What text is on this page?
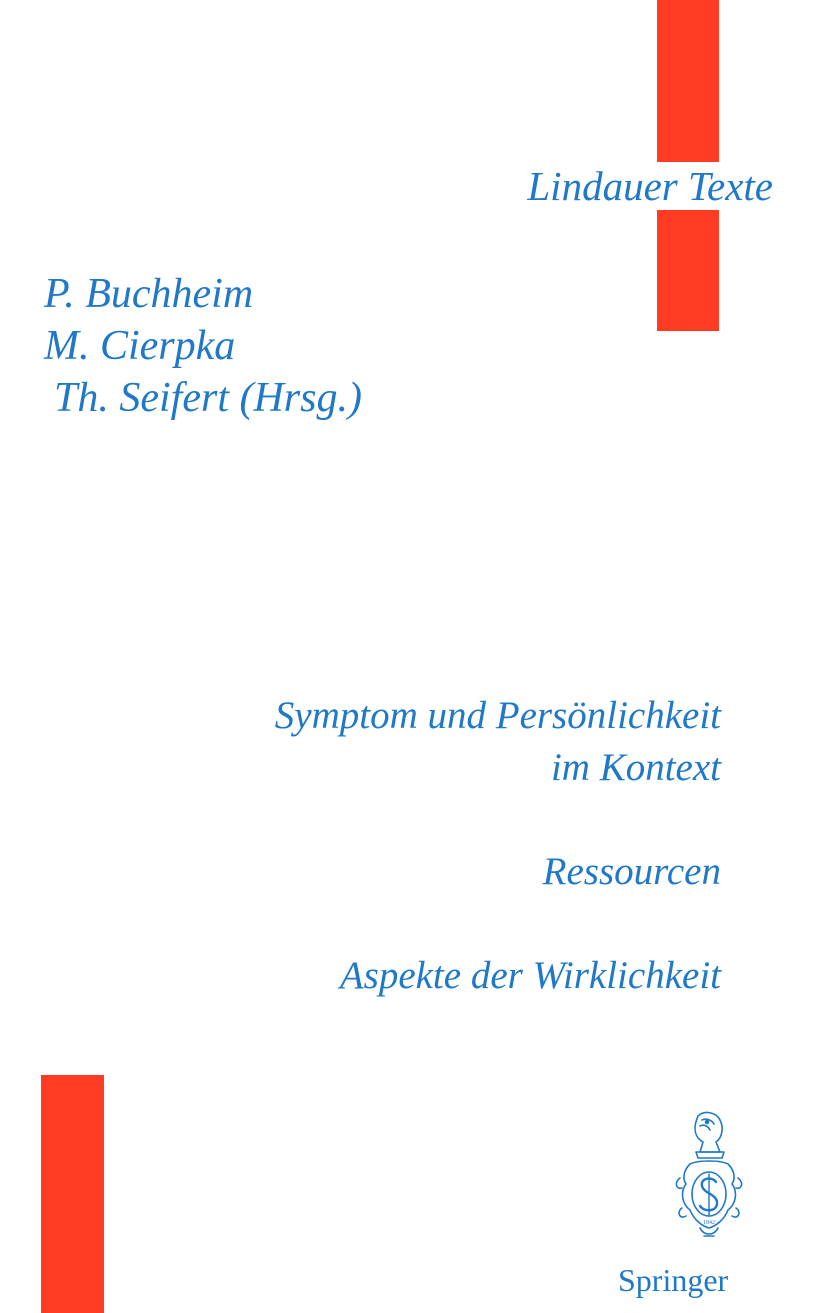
Lindauer Texte
P. Buchheim
M. Cierpka
Th. Seifert (Hrsg.)
Symptom und Persönlichkeit
im Kontext
Ressourcen
Aspekte der Wirklichkeit
1842
Springer
